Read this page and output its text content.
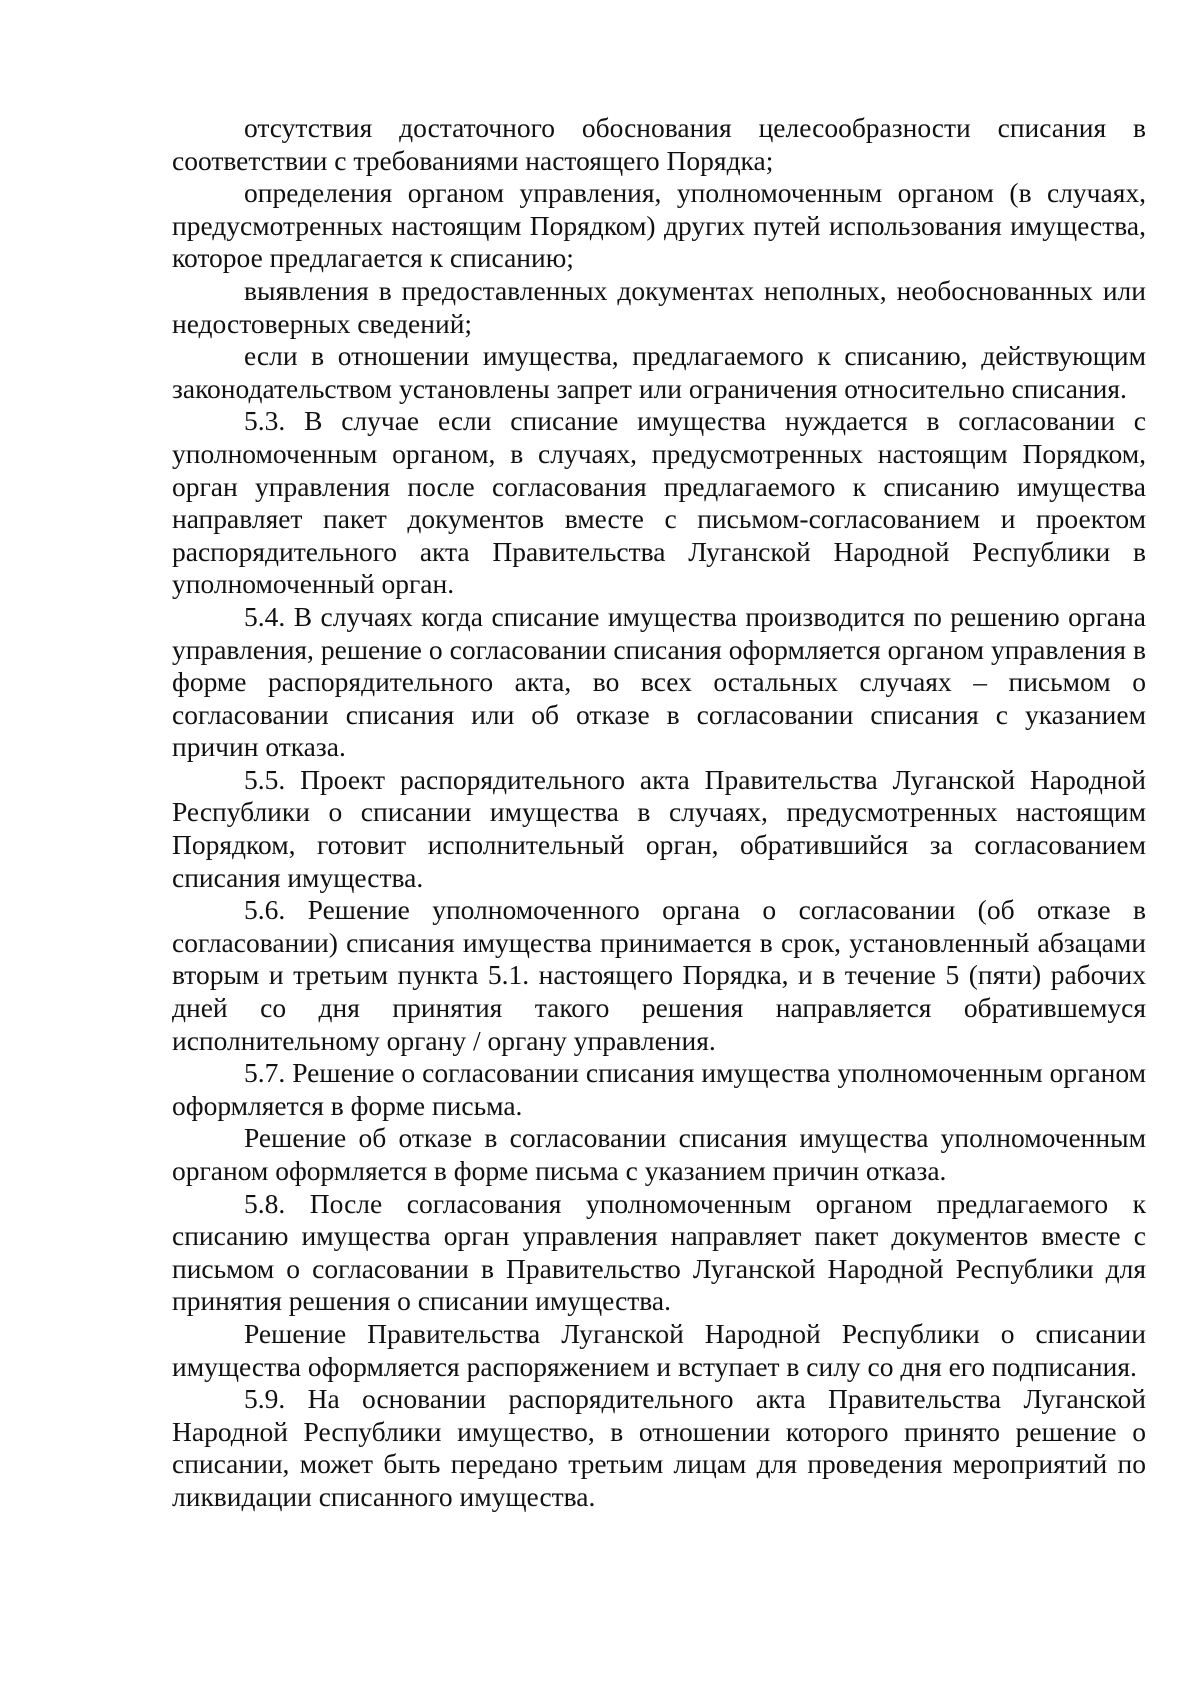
отсутствия достаточного обоснования целесообразности списания в соответствии с требованиями настоящего Порядка;

определения органом управления, уполномоченным органом (в случаях, предусмотренных настоящим Порядком) других путей использования имущества, которое предлагается к списанию;

выявления в предоставленных документах неполных, необоснованных или недостоверных сведений;

если в отношении имущества, предлагаемого к списанию, действующим законодательством установлены запрет или ограничения относительно списания.

5.3. В случае если списание имущества нуждается в согласовании с уполномоченным органом, в случаях, предусмотренных настоящим Порядком, орган управления после согласования предлагаемого к списанию имущества направляет пакет документов вместе с письмом-согласованием и проектом распорядительного акта Правительства Луганской Народной Республики в уполномоченный орган.

5.4. В случаях когда списание имущества производится по решению органа управления, решение о согласовании списания оформляется органом управления в форме распорядительного акта, во всех остальных случаях – письмом о согласовании списания или об отказе в согласовании списания с указанием причин отказа.

5.5. Проект распорядительного акта Правительства Луганской Народной Республики о списании имущества в случаях, предусмотренных настоящим Порядком, готовит исполнительный орган, обратившийся за согласованием списания имущества.

5.6. Решение уполномоченного органа о согласовании (об отказе в согласовании) списания имущества принимается в срок, установленный абзацами вторым и третьим пункта 5.1. настоящего Порядка, и в течение 5 (пяти) рабочих дней со дня принятия такого решения направляется обратившемуся исполнительному органу / органу управления.

5.7. Решение о согласовании списания имущества уполномоченным органом оформляется в форме письма.

Решение об отказе в согласовании списания имущества уполномоченным органом оформляется в форме письма с указанием причин отказа.

5.8. После согласования уполномоченным органом предлагаемого к списанию имущества орган управления направляет пакет документов вместе с письмом о согласовании в Правительство Луганской Народной Республики для принятия решения о списании имущества.

Решение Правительства Луганской Народной Республики о списании имущества оформляется распоряжением и вступает в силу со дня его подписания.

5.9. На основании распорядительного акта Правительства Луганской Народной Республики имущество, в отношении которого принято решение о списании, может быть передано третьим лицам для проведения мероприятий по ликвидации списанного имущества.
